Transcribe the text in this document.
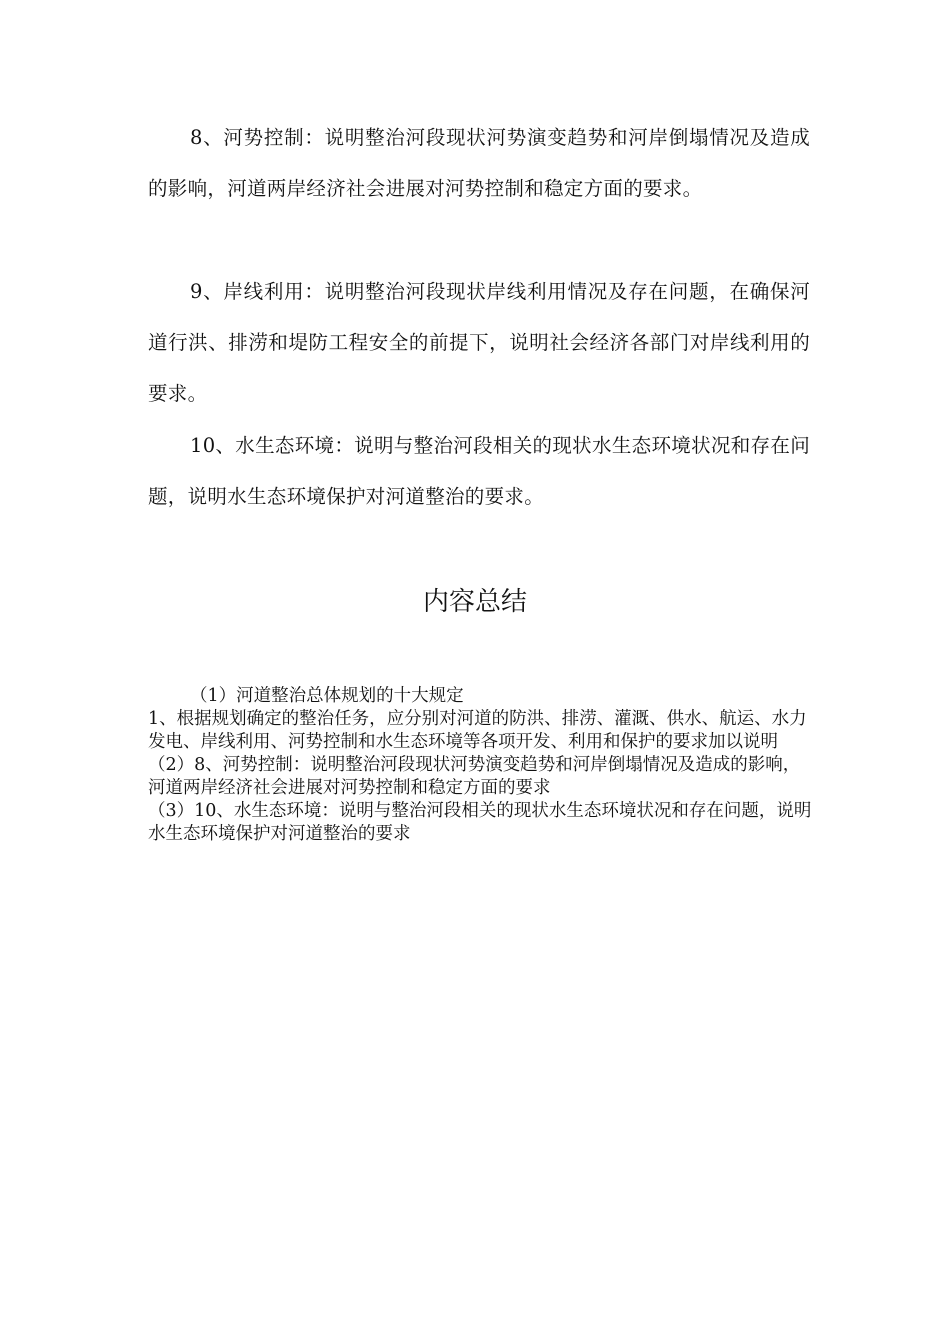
8、河势控制：说明整治河段现状河势演变趋势和河岸倒塌情况及造成的影响，河道两岸经济社会进展对河势控制和稳定方面的要求。

9、岸线利用：说明整治河段现状岸线利用情况及存在问题，在确保河道行洪、排涝和堤防工程安全的前提下，说明社会经济各部门对岸线利用的要求。

10、水生态环境：说明与整治河段相关的现状水生态环境状况和存在问题，说明水生态环境保护对河道整治的要求。

内容总结

（1）河道整治总体规划的十大规定

1、根据规划确定的整治任务，应分别对河道的防洪、排涝、灌溉、供水、航运、水力发电、岸线利用、河势控制和水生态环境等各项开发、利用和保护的要求加以说明

（2）8、河势控制：说明整治河段现状河势演变趋势和河岸倒塌情况及造成的影响，河道两岸经济社会进展对河势控制和稳定方面的要求

（3）10、水生态环境：说明与整治河段相关的现状水生态环境状况和存在问题，说明水生态环境保护对河道整治的要求
